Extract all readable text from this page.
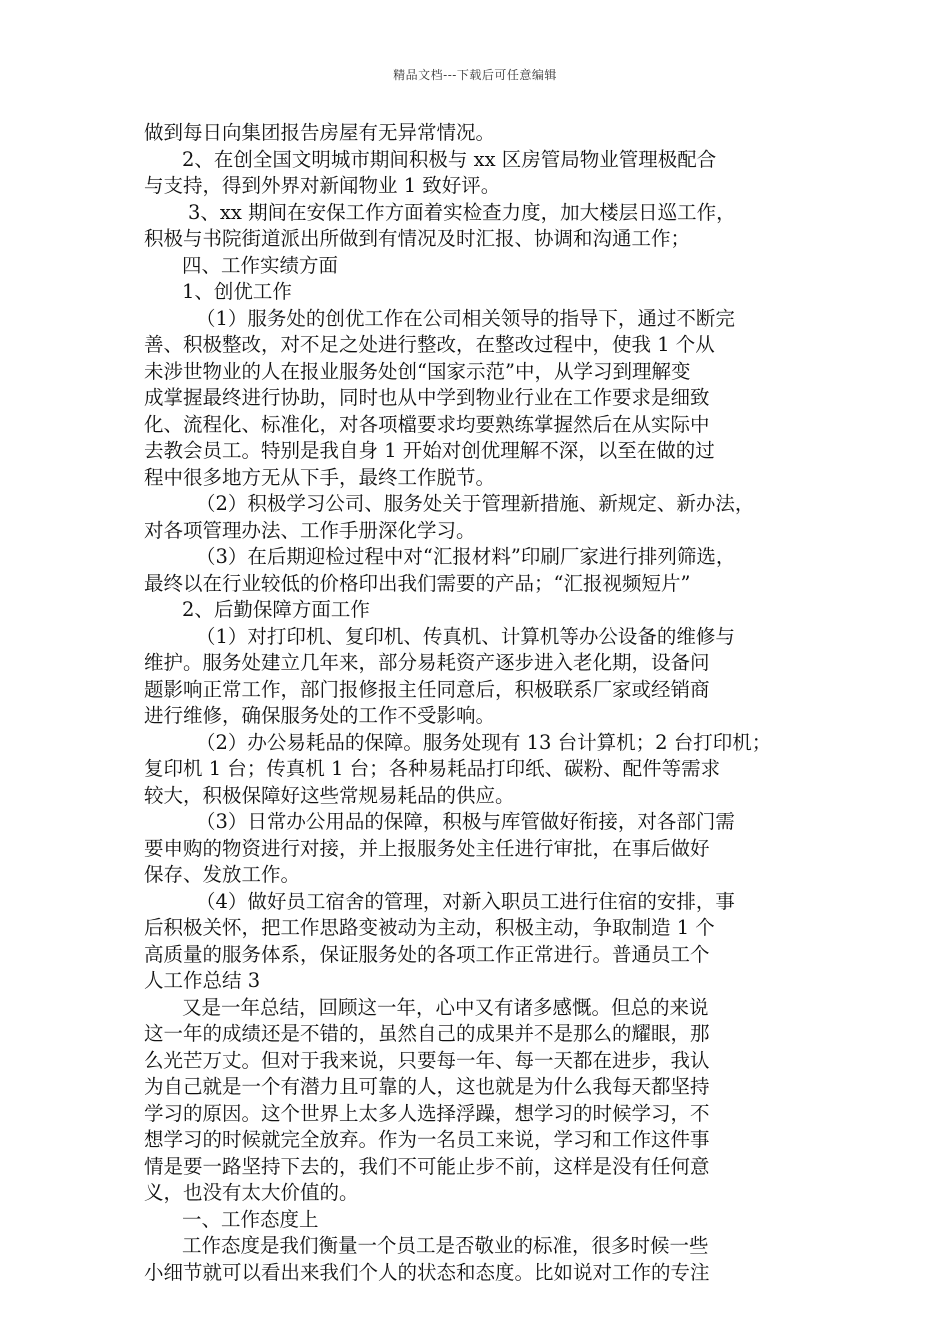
精品文档---下载后可任意编辑
做到每日向集团报告房屋有无异常情况。
2、在创全国文明城市期间积极与 xx 区房管局物业管理极配合
与支持，得到外界对新闻物业 1 致好评。
3、xx 期间在安保工作方面着实检查力度，加大楼层日巡工作，
积极与书院街道派出所做到有情况及时汇报、协调和沟通工作；
四、工作实绩方面
1、创优工作
（1）服务处的创优工作在公司相关领导的指导下，通过不断完
善、积极整改，对不足之处进行整改，在整改过程中，使我 1 个从
未涉世物业的人在报业服务处创“国家示范”中，从学习到理解变
成掌握最终进行协助，同时也从中学到物业行业在工作要求是细致
化、流程化、标准化，对各项檔要求均要熟练掌握然后在从实际中
去教会员工。特别是我自身 1 开始对创优理解不深，以至在做的过
程中很多地方无从下手，最终工作脱节。
（2）积极学习公司、服务处关于管理新措施、新规定、新办法，
对各项管理办法、工作手册深化学习。
（3）在后期迎检过程中对“汇报材料”印刷厂家进行排列筛选，
最终以在行业较低的价格印出我们需要的产品；“汇报视频短片”
2、后勤保障方面工作
（1）对打印机、复印机、传真机、计算机等办公设备的维修与
维护。服务处建立几年来，部分易耗资产逐步进入老化期，设备问
题影响正常工作，部门报修报主任同意后，积极联系厂家或经销商
进行维修，确保服务处的工作不受影响。
（2）办公易耗品的保障。服务处现有 13 台计算机；2 台打印机；
复印机 1 台；传真机 1 台；各种易耗品打印纸、碳粉、配件等需求
较大，积极保障好这些常规易耗品的供应。
（3）日常办公用品的保障，积极与库管做好衔接，对各部门需
要申购的物资进行对接，并上报服务处主任进行审批，在事后做好
保存、发放工作。
（4）做好员工宿舍的管理，对新入职员工进行住宿的安排，事
后积极关怀，把工作思路变被动为主动，积极主动，争取制造 1 个
高质量的服务体系，保证服务处的各项工作正常进行。普通员工个
人工作总结 3
又是一年总结，回顾这一年，心中又有诸多感慨。但总的来说
这一年的成绩还是不错的，虽然自己的成果并不是那么的耀眼，那
么光芒万丈。但对于我来说，只要每一年、每一天都在进步，我认
为自己就是一个有潜力且可靠的人，这也就是为什么我每天都坚持
学习的原因。这个世界上太多人选择浮躁，想学习的时候学习，不
想学习的时候就完全放弃。作为一名员工来说，学习和工作这件事
情是要一路坚持下去的，我们不可能止步不前，这样是没有任何意
义，也没有太大价值的。
一、工作态度上
工作态度是我们衡量一个员工是否敬业的标准，很多时候一些
小细节就可以看出来我们个人的状态和态度。比如说对工作的专注
